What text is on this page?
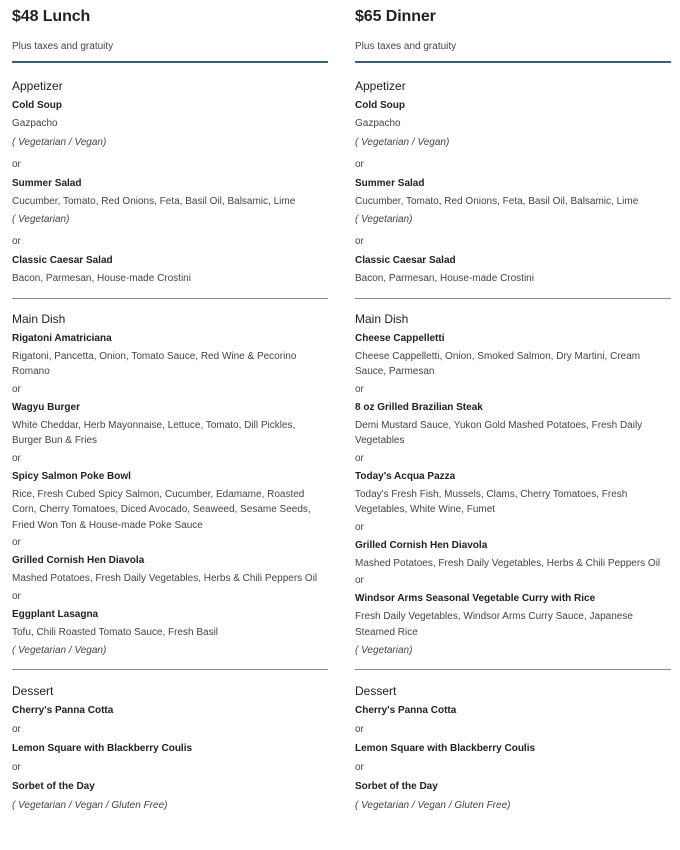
$48 Lunch
Plus taxes and gratuity
Appetizer
Cold Soup
Gazpacho
( Vegetarian / Vegan)
or
Summer Salad
Cucumber, Tomato, Red Onions, Feta, Basil Oil, Balsamic, Lime
( Vegetarian)
or
Classic Caesar Salad
Bacon, Parmesan, House-made Crostini
Main Dish
Rigatoni Amatriciana
Rigatoni, Pancetta, Onion, Tomato Sauce, Red Wine & Pecorino Romano
or
Wagyu Burger
White Cheddar, Herb Mayonnaise, Lettuce, Tomato, Dill Pickles, Burger Bun & Fries
or
Spicy Salmon Poke Bowl
Rice, Fresh Cubed Spicy Salmon, Cucumber, Edamame, Roasted Corn, Cherry Tomatoes, Diced Avocado, Seaweed, Sesame Seeds, Fried Won Ton & House-made Poke Sauce
or
Grilled Cornish Hen Diavola
Mashed Potatoes, Fresh Daily Vegetables, Herbs & Chili Peppers Oil
or
Eggplant Lasagna
Tofu, Chili Roasted Tomato Sauce, Fresh Basil
( Vegetarian / Vegan)
Dessert
Cherry's Panna Cotta
or
Lemon Square with Blackberry Coulis
or
Sorbet of the Day
( Vegetarian / Vegan / Gluten Free)
$65 Dinner
Plus taxes and gratuity
Appetizer
Cold Soup
Gazpacho
( Vegetarian / Vegan)
or
Summer Salad
Cucumber, Tomato, Red Onions, Feta, Basil Oil, Balsamic, Lime
( Vegetarian)
or
Classic Caesar Salad
Bacon, Parmesan, House-made Crostini
Main Dish
Cheese Cappelletti
Cheese Cappelletti, Onion, Smoked Salmon, Dry Martini, Cream Sauce, Parmesan
or
8 oz Grilled Brazilian Steak
Demi Mustard Sauce, Yukon Gold Mashed Potatoes, Fresh Daily Vegetables
or
Today's Acqua Pazza
Today's Fresh Fish, Mussels, Clams, Cherry Tomatoes, Fresh Vegetables, White Wine, Fumet
or
Grilled Cornish Hen Diavola
Mashed Potatoes, Fresh Daily Vegetables, Herbs & Chili Peppers Oil
or
Windsor Arms Seasonal Vegetable Curry with Rice
Fresh Daily Vegetables, Windsor Arms Curry Sauce, Japanese Steamed Rice
( Vegetarian)
Dessert
Cherry's Panna Cotta
or
Lemon Square with Blackberry Coulis
or
Sorbet of the Day
( Vegetarian / Vegan / Gluten Free)
